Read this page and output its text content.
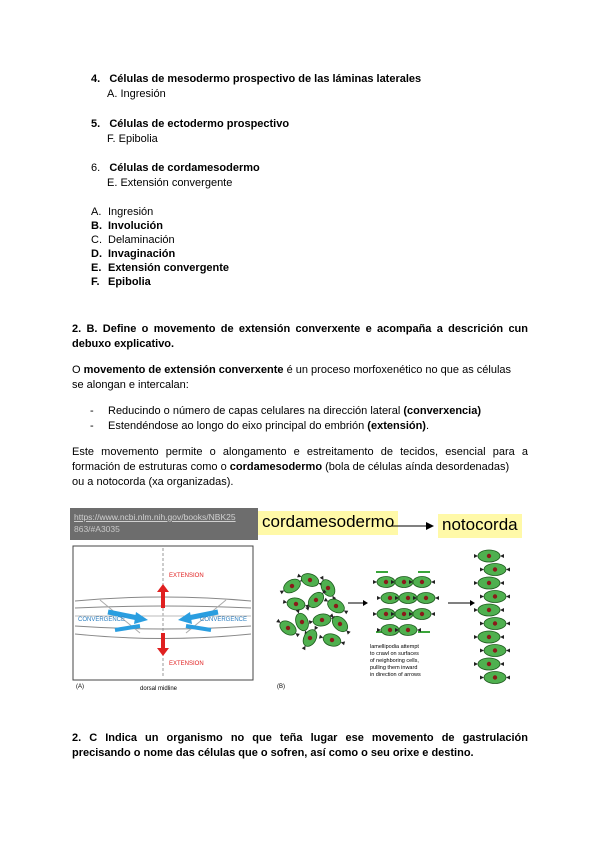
4. Células de mesodermo prospectivo de las láminas laterales
A. Ingresión
5. Células de ectodermo prospectivo
F. Epibolia
6. Células de cordamesodermo
E. Extensión convergente
A. Ingresión
B. Involución
C. Delaminación
D. Invaginación
E. Extensión convergente
F. Epibolia
2. B. Define o movemento de extensión converxente e acompaña a descrición cun
debuxo explicativo.
O movemento de extensión converxente é un proceso morfoxenético no que as células
se alongan e intercalan:
- Reducindo o número de capas celulares na dirección lateral (converxencia)
- Estendéndose ao longo do eixo principal do embrión (extensión).
Este movemento permite o alongamento e estreitamento de tecidos, esencial para a
formación de estruturas como o cordamesodermo (bola de células aínda desordenadas)
ou a notocorda (xa organizadas).
https://www.ncbi.nlm.nih.gov/books/NBK25
863/#A3035	cordamesodermo	notocorda
EXTENSION
EXTENSION
CONVERGENCE	CONVERGENCE
(A)	dorsal midline	(B)
lamellipodia attempt
to crawl on surfaces
of neighboring cells,
pulling them inward
in direction of arrows
2. C Indica un organismo no que teña lugar ese movemento de gastrulación
precisando o nome das células que o sofren, así como o seu orixe e destino.
